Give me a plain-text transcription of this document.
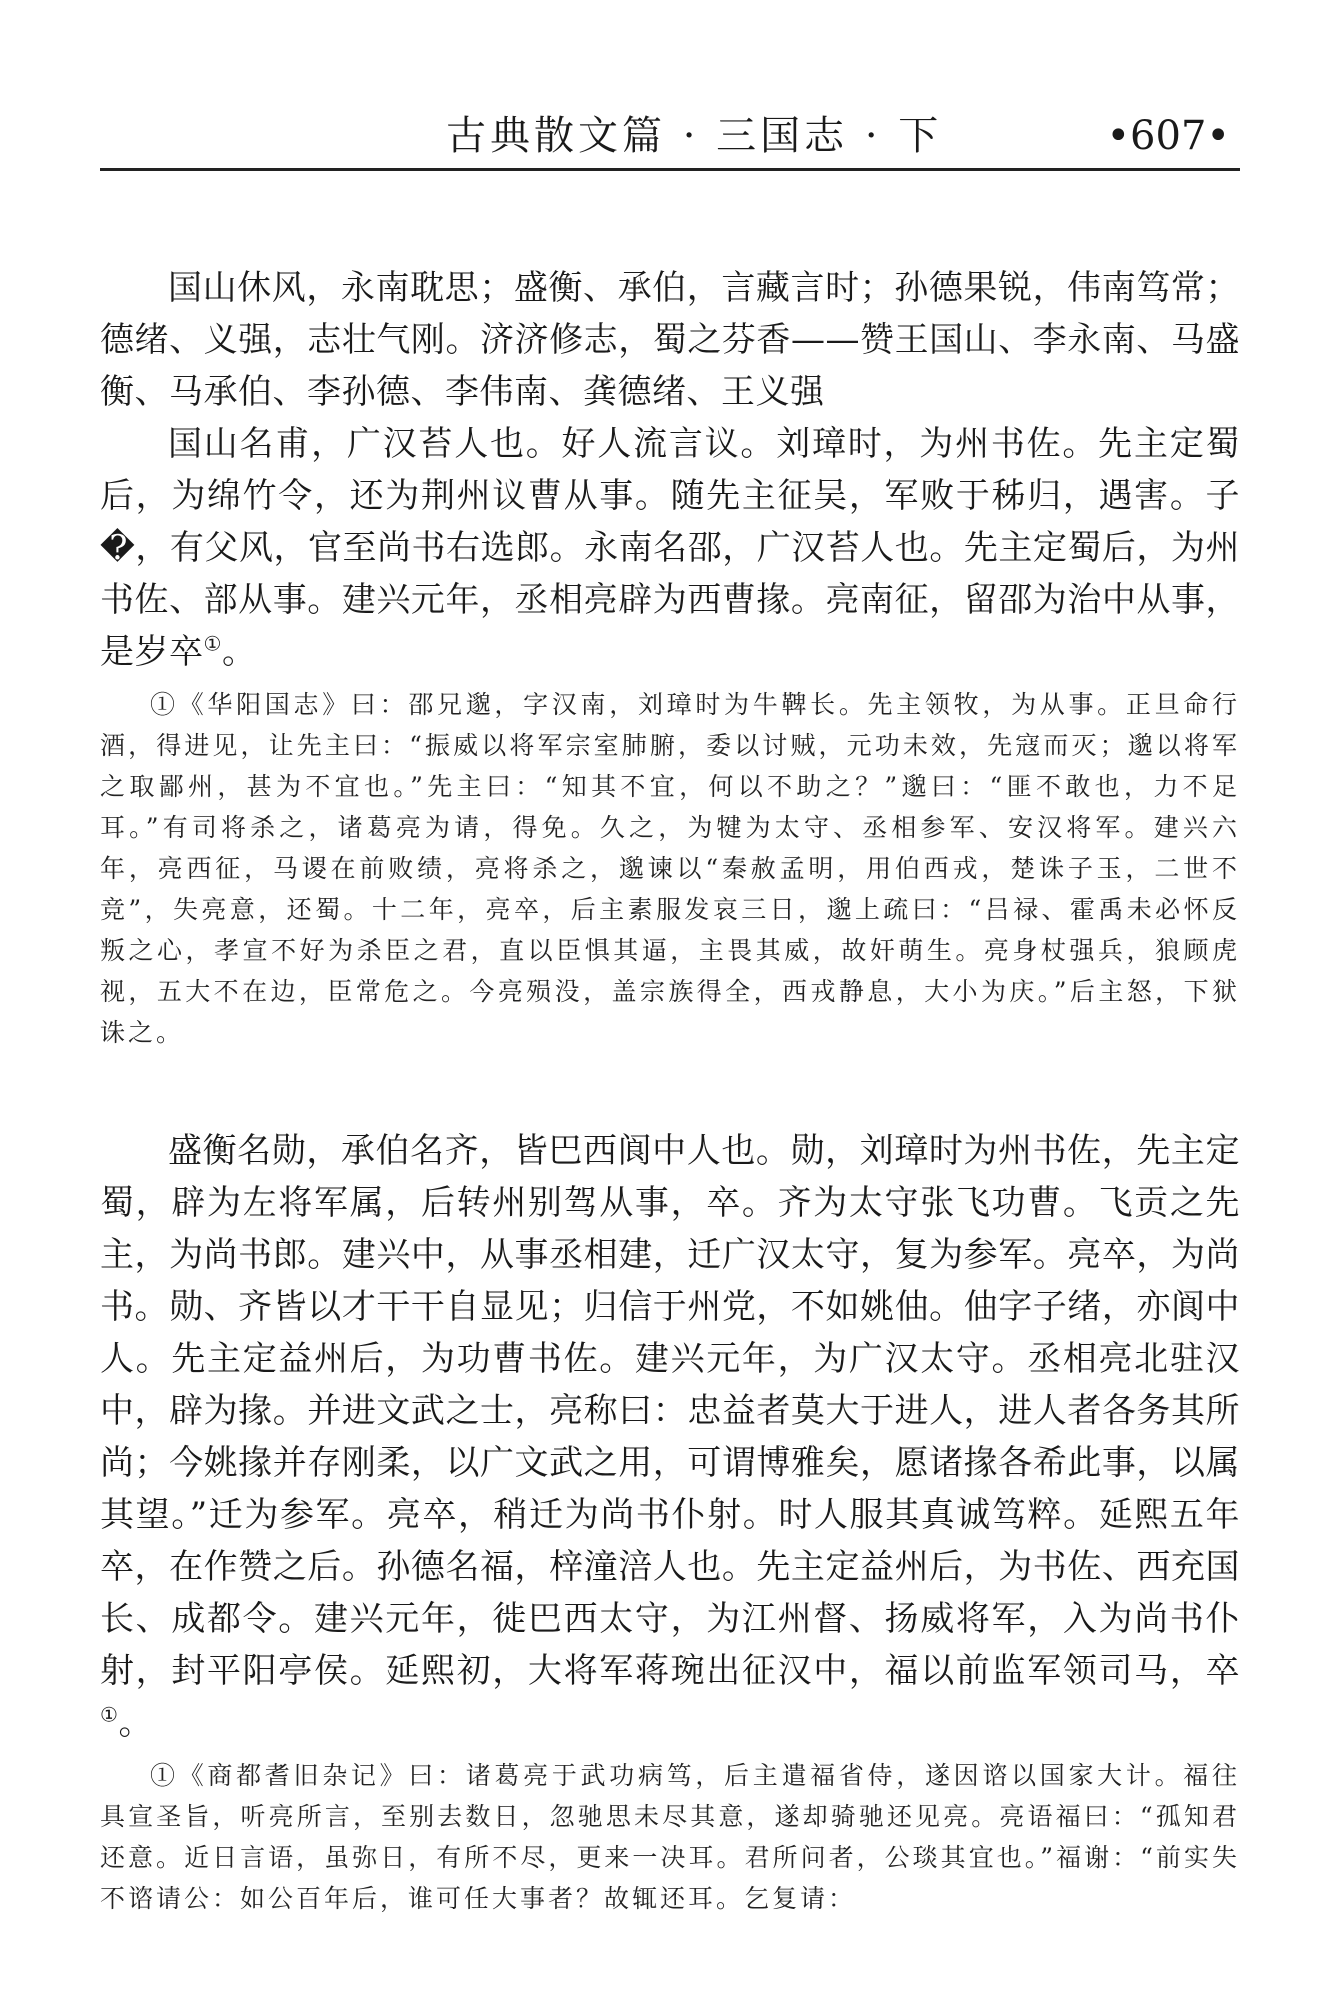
古典散文篇 · 三国志 · 下	•607•

国山休风，永南耽思；盛衡、承伯，言藏言时；孙德果锐，伟南笃常；德绪、义强，志壮气刚。济济修志，蜀之芬香——赞王国山、李永南、马盛衡、马承伯、李孙德、李伟南、龚德绪、王义强

国山名甫，广汉苔人也。好人流言议。刘璋时，为州书佐。先主定蜀后，为绵竹令，还为荆州议曹从事。随先主征吴，军败于秭归，遇害。子�，有父风，官至尚书右选郎。永南名邵，广汉苔人也。先主定蜀后，为州书佐、部从事。建兴元年，丞相亮辟为西曹掾。亮南征，留邵为治中从事，是岁卒①。

①《华阳国志》曰：邵兄邈，字汉南，刘璋时为牛鞞长。先主领牧，为从事。正旦命行酒，得进见，让先主曰：“振威以将军宗室肺腑，委以讨贼，元功未效，先寇而灭；邈以将军之取鄙州，甚为不宜也。”先主曰：“知其不宜，何以不助之？”邈曰：“匪不敢也，力不足耳。”有司将杀之，诸葛亮为请，得免。久之，为犍为太守、丞相参军、安汉将军。建兴六年，亮西征，马谡在前败绩，亮将杀之，邈谏以“秦赦孟明，用伯西戎，楚诛子玉，二世不竞”，失亮意，还蜀。十二年，亮卒，后主素服发哀三日，邈上疏曰：“吕禄、霍禹未必怀反叛之心，孝宣不好为杀臣之君，直以臣惧其逼，主畏其威，故奸萌生。亮身杖强兵，狼顾虎视，五大不在边，臣常危之。今亮殒没，盖宗族得全，西戎静息，大小为庆。”后主怒，下狱诛之。

盛衡名勋，承伯名齐，皆巴西阆中人也。勋，刘璋时为州书佐，先主定蜀，辟为左将军属，后转州别驾从事，卒。齐为太守张飞功曹。飞贡之先主，为尚书郎。建兴中，从事丞相建，迁广汉太守，复为参军。亮卒，为尚书。勋、齐皆以才干干自显见；归信于州党，不如姚伷。伷字子绪，亦阆中人。先主定益州后，为功曹书佐。建兴元年，为广汉太守。丞相亮北驻汉中，辟为掾。并进文武之士，亮称曰：忠益者莫大于进人，进人者各务其所尚；今姚掾并存刚柔，以广文武之用，可谓博雅矣，愿诸掾各希此事，以属其望。”迁为参军。亮卒，稍迁为尚书仆射。时人服其真诚笃粹。延熙五年卒，在作赞之后。孙德名福，梓潼涪人也。先主定益州后，为书佐、西充国长、成都令。建兴元年，徙巴西太守，为江州督、扬威将军，入为尚书仆射，封平阳亭侯。延熙初，大将军蒋琬出征汉中，福以前监军领司马，卒①。

①《商都耆旧杂记》曰：诸葛亮于武功病笃，后主遣福省侍，遂因谘以国家大计。福往具宣圣旨，听亮所言，至别去数日，忽驰思未尽其意，遂却骑驰还见亮。亮语福曰：“孤知君还意。近日言语，虽弥日，有所不尽，更来一决耳。君所问者，公琰其宜也。”福谢：“前实失不谘请公：如公百年后，谁可任大事者？故辄还耳。乞复请：
